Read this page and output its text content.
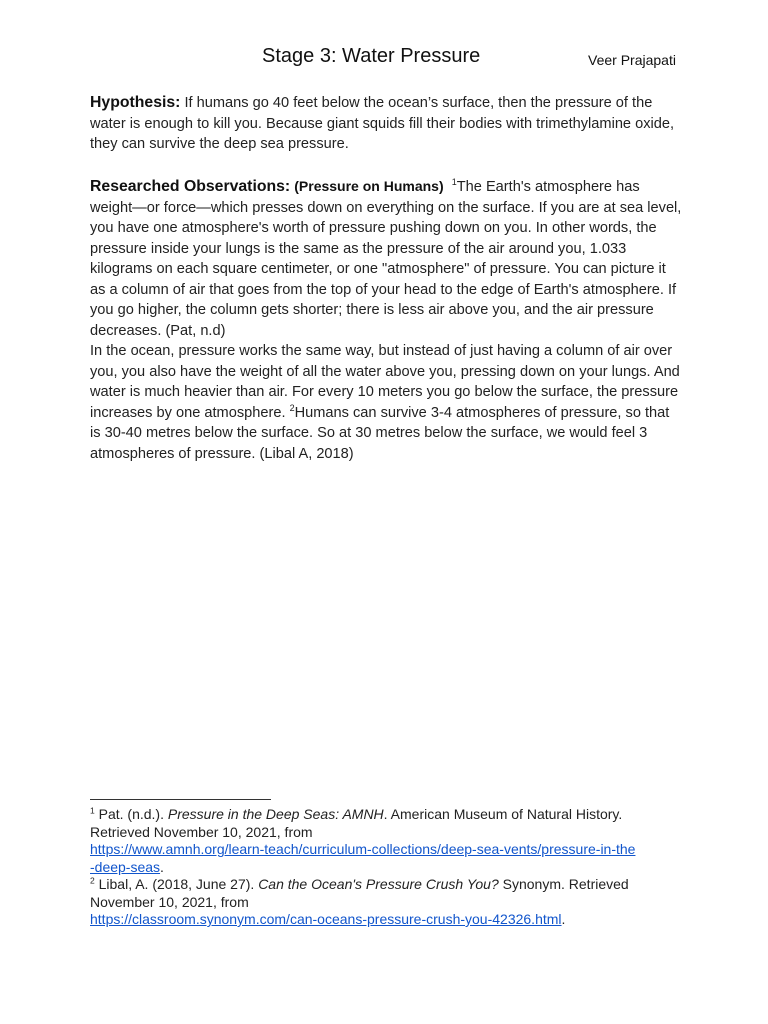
Stage 3: Water Pressure	Veer Prajapati
Hypothesis: If humans go 40 feet below the ocean’s surface, then the pressure of the water is enough to kill you. Because giant squids fill their bodies with trimethylamine oxide, they can survive the deep sea pressure.
Researched Observations: (Pressure on Humans) $^1$The Earth's atmosphere has weight—or force—which presses down on everything on the surface. If you are at sea level, you have one atmosphere's worth of pressure pushing down on you. In other words, the pressure inside your lungs is the same as the pressure of the air around you, 1.033 kilograms on each square centimeter, or one "atmosphere" of pressure. You can picture it as a column of air that goes from the top of your head to the edge of Earth's atmosphere. If you go higher, the column gets shorter; there is less air above you, and the air pressure decreases. (Pat, n.d)
In the ocean, pressure works the same way, but instead of just having a column of air over you, you also have the weight of all the water above you, pressing down on your lungs. And water is much heavier than air. For every 10 meters you go below the surface, the pressure increases by one atmosphere. $^2$Humans can survive 3-4 atmospheres of pressure, so that is 30-40 metres below the surface. So at 30 metres below the surface, we would feel 3 atmospheres of pressure. (Libal A, 2018)

$^1$ Pat. (n.d.). Pressure in the Deep Seas: AMNH. American Museum of Natural History. Retrieved November 10, 2021, from
https://www.amnh.org/learn-teach/curriculum-collections/deep-sea-vents/pressure-in-the
-deep-seas.

$^2$ Libal, A. (2018, June 27). Can the Ocean's Pressure Crush You? Synonym. Retrieved November 10, 2021, from
https://classroom.synonym.com/can-oceans-pressure-crush-you-42326.html.
